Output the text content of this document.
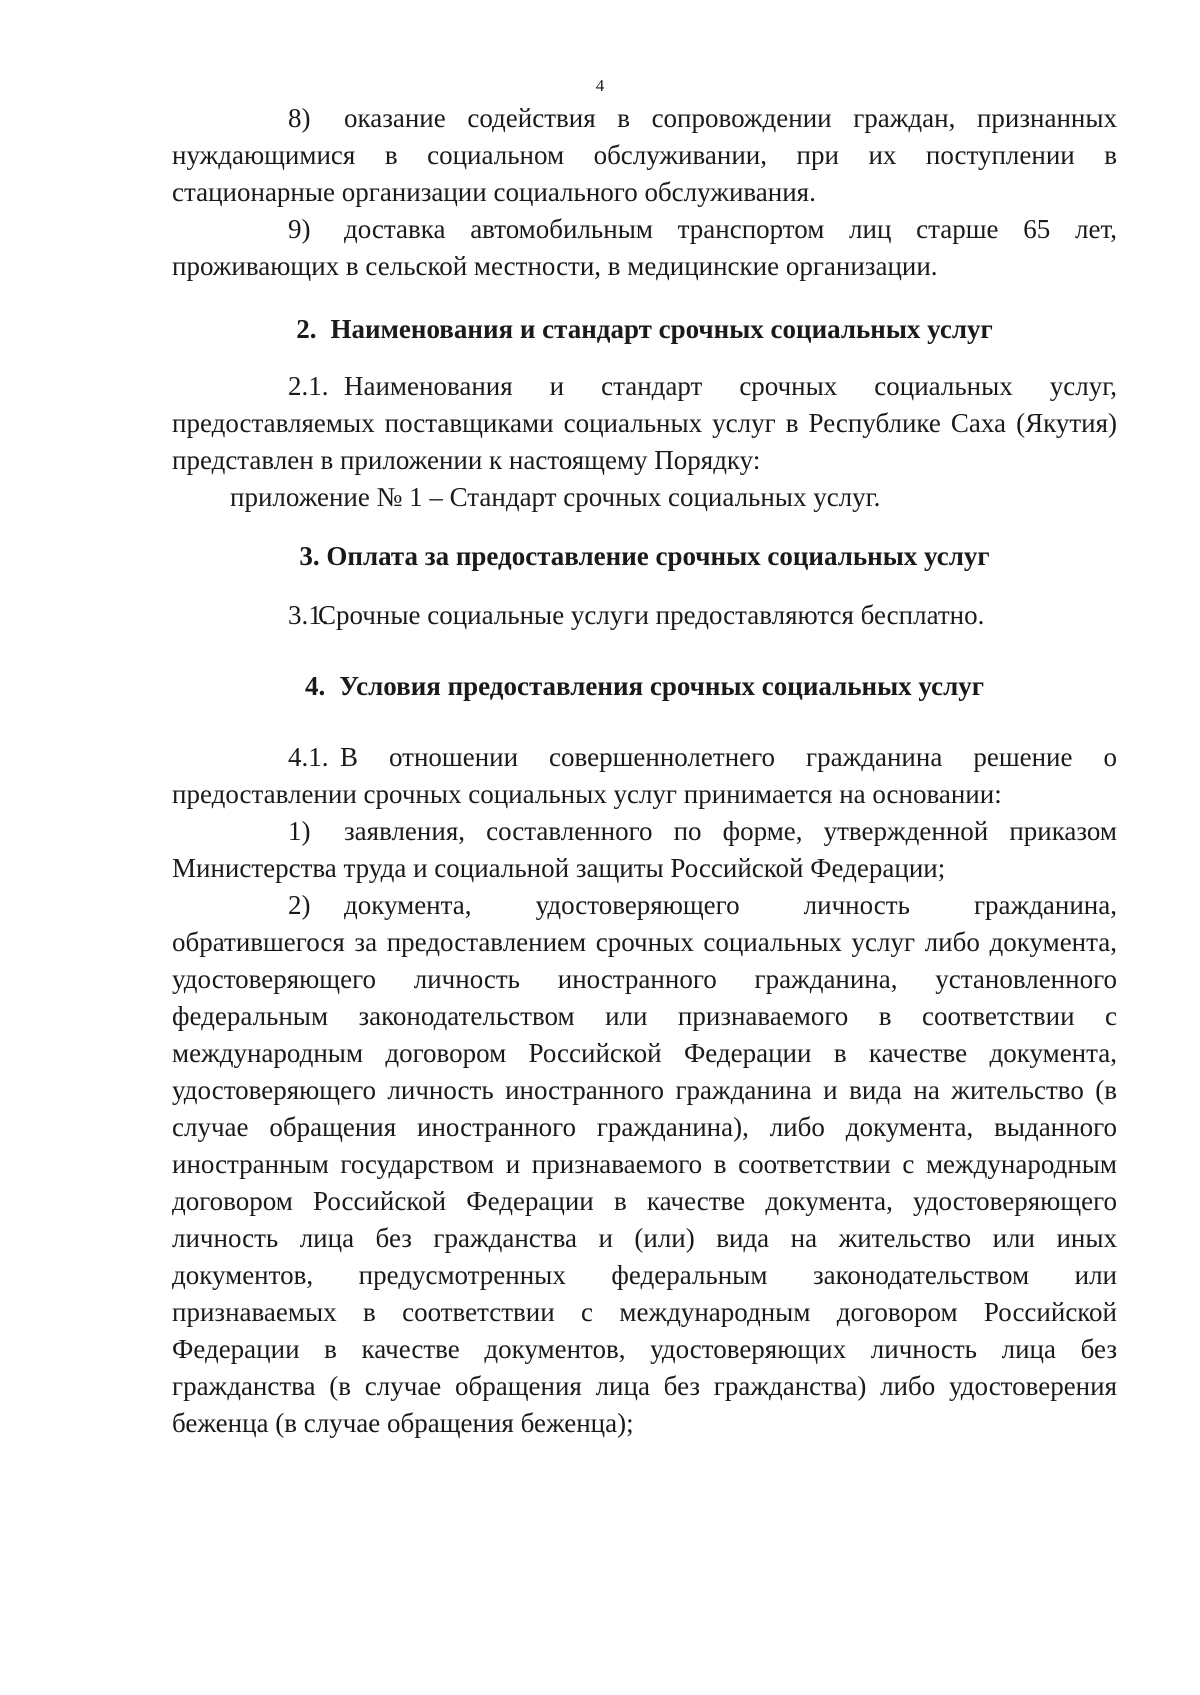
4

8) оказание содействия в сопровождении граждан, признанных нуждающимися в социальном обслуживании, при их поступлении в стационарные организации социального обслуживания.

9) доставка автомобильным транспортом лиц старше 65 лет, проживающих в сельской местности, в медицинские организации.

2. Наименования и стандарт срочных социальных услуг

2.1. Наименования и стандарт срочных социальных услуг, предоставляемых поставщиками социальных услуг в Республике Саха (Якутия) представлен в приложении к настоящему Порядку:

приложение № 1 – Стандарт срочных социальных услуг.

3. Оплата за предоставление срочных социальных услуг

3.1.Срочные социальные услуги предоставляются бесплатно.

4. Условия предоставления срочных социальных услуг

4.1. В отношении совершеннолетнего гражданина решение о предоставлении срочных социальных услуг принимается на основании:

1) заявления, составленного по форме, утвержденной приказом Министерства труда и социальной защиты Российской Федерации;

2) документа, удостоверяющего личность гражданина, обратившегося за предоставлением срочных социальных услуг либо документа, удостоверяющего личность иностранного гражданина, установленного федеральным законодательством или признаваемого в соответствии с международным договором Российской Федерации в качестве документа, удостоверяющего личность иностранного гражданина и вида на жительство (в случае обращения иностранного гражданина), либо документа, выданного иностранным государством и признаваемого в соответствии с международным договором Российской Федерации в качестве документа, удостоверяющего личность лица без гражданства и (или) вида на жительство или иных документов, предусмотренных федеральным законодательством или признаваемых в соответствии с международным договором Российской Федерации в качестве документов, удостоверяющих личность лица без гражданства (в случае обращения лица без гражданства) либо удостоверения беженца (в случае обращения беженца);
